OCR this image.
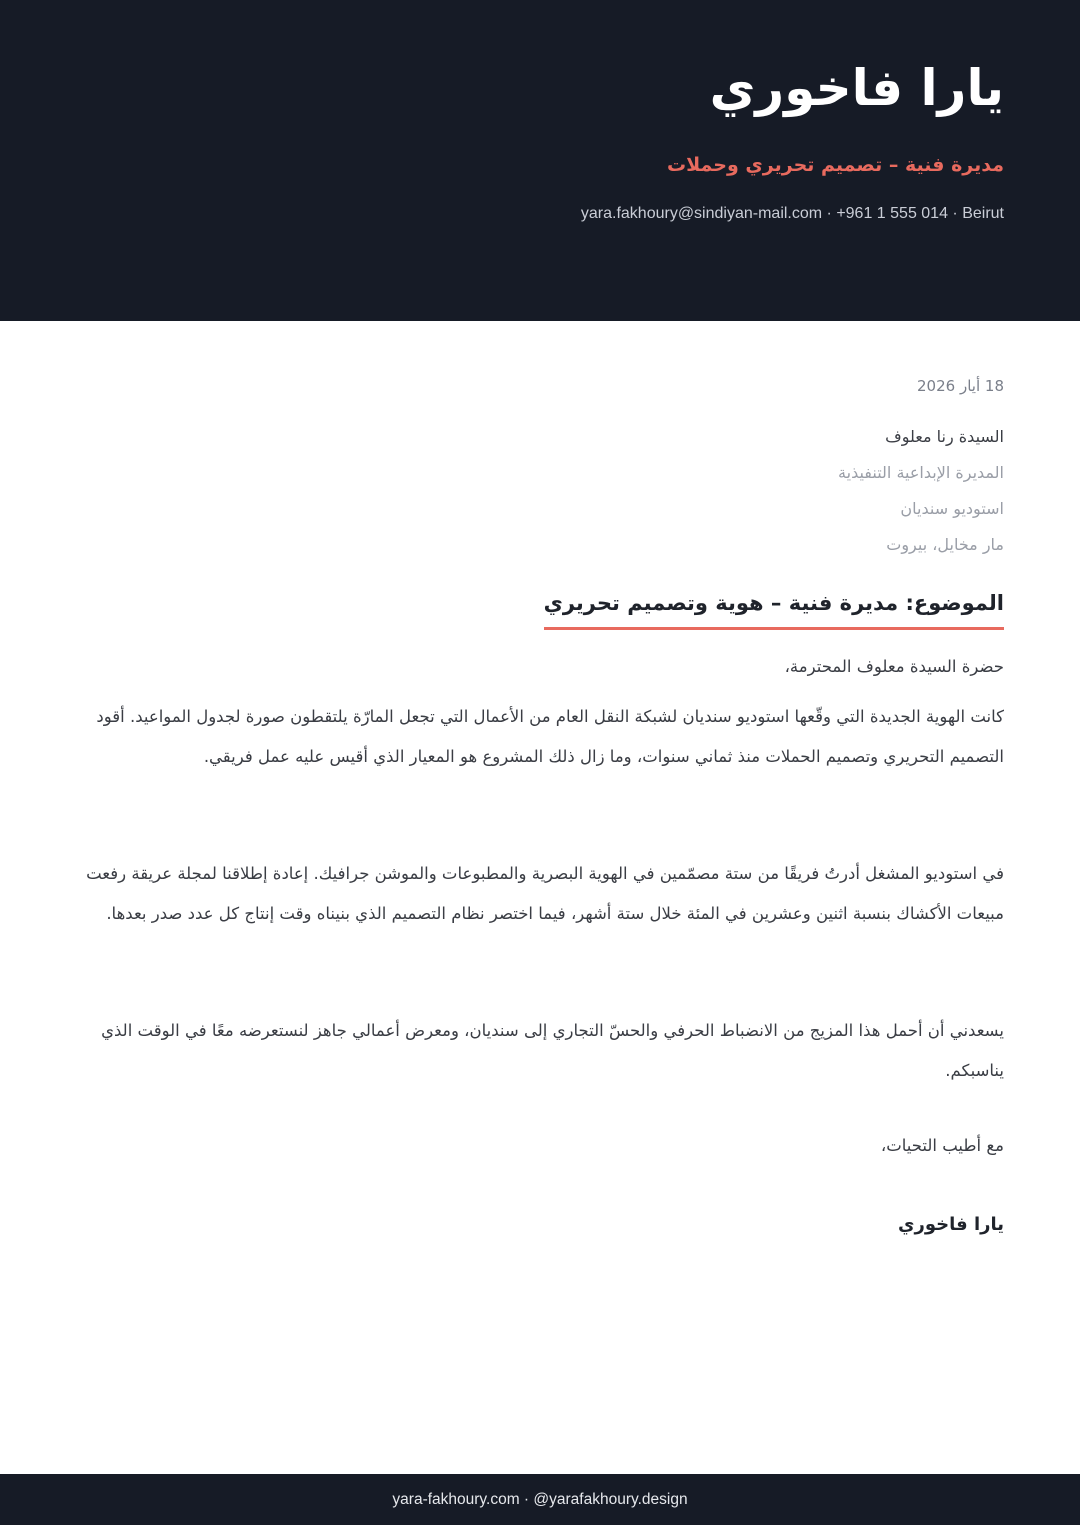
يارا فاخوري
مديرة فنية – تصميم تحريري وحملات
yara.fakhoury@sindiyan-mail.com · +961 1 555 014 · Beirut
18 أيار 2026
السيدة رنا معلوف
المديرة الإبداعية التنفيذية
استوديو سنديان
مار مخايل، بيروت
الموضوع: مديرة فنية – هوية وتصميم تحريري
حضرة السيدة معلوف المحترمة،

كانت الهوية الجديدة التي وقّعها استوديو سنديان لشبكة النقل العام من الأعمال التي تجعل المارّة يلتقطون صورة لجدول المواعيد. أقود التصميم التحريري وتصميم الحملات منذ ثماني سنوات، وما زال ذلك المشروع هو المعيار الذي أقيس عليه عمل فريقي.

في استوديو المشغل أدرتُ فريقًا من ستة مصمّمين في الهوية البصرية والمطبوعات والموشن جرافيك. إعادة إطلاقنا لمجلة عريقة رفعت مبيعات الأكشاك بنسبة اثنين وعشرين في المئة خلال ستة أشهر، فيما اختصر نظام التصميم الذي بنيناه وقت إنتاج كل عدد صدر بعدها.

يسعدني أن أحمل هذا المزيج من الانضباط الحرفي والحسّ التجاري إلى سنديان، ومعرض أعمالي جاهز لنستعرضه معًا في الوقت الذي يناسبكم.

مع أطيب التحيات،
يارا فاخوري
yara-fakhoury.com · @yarafakhoury.design
